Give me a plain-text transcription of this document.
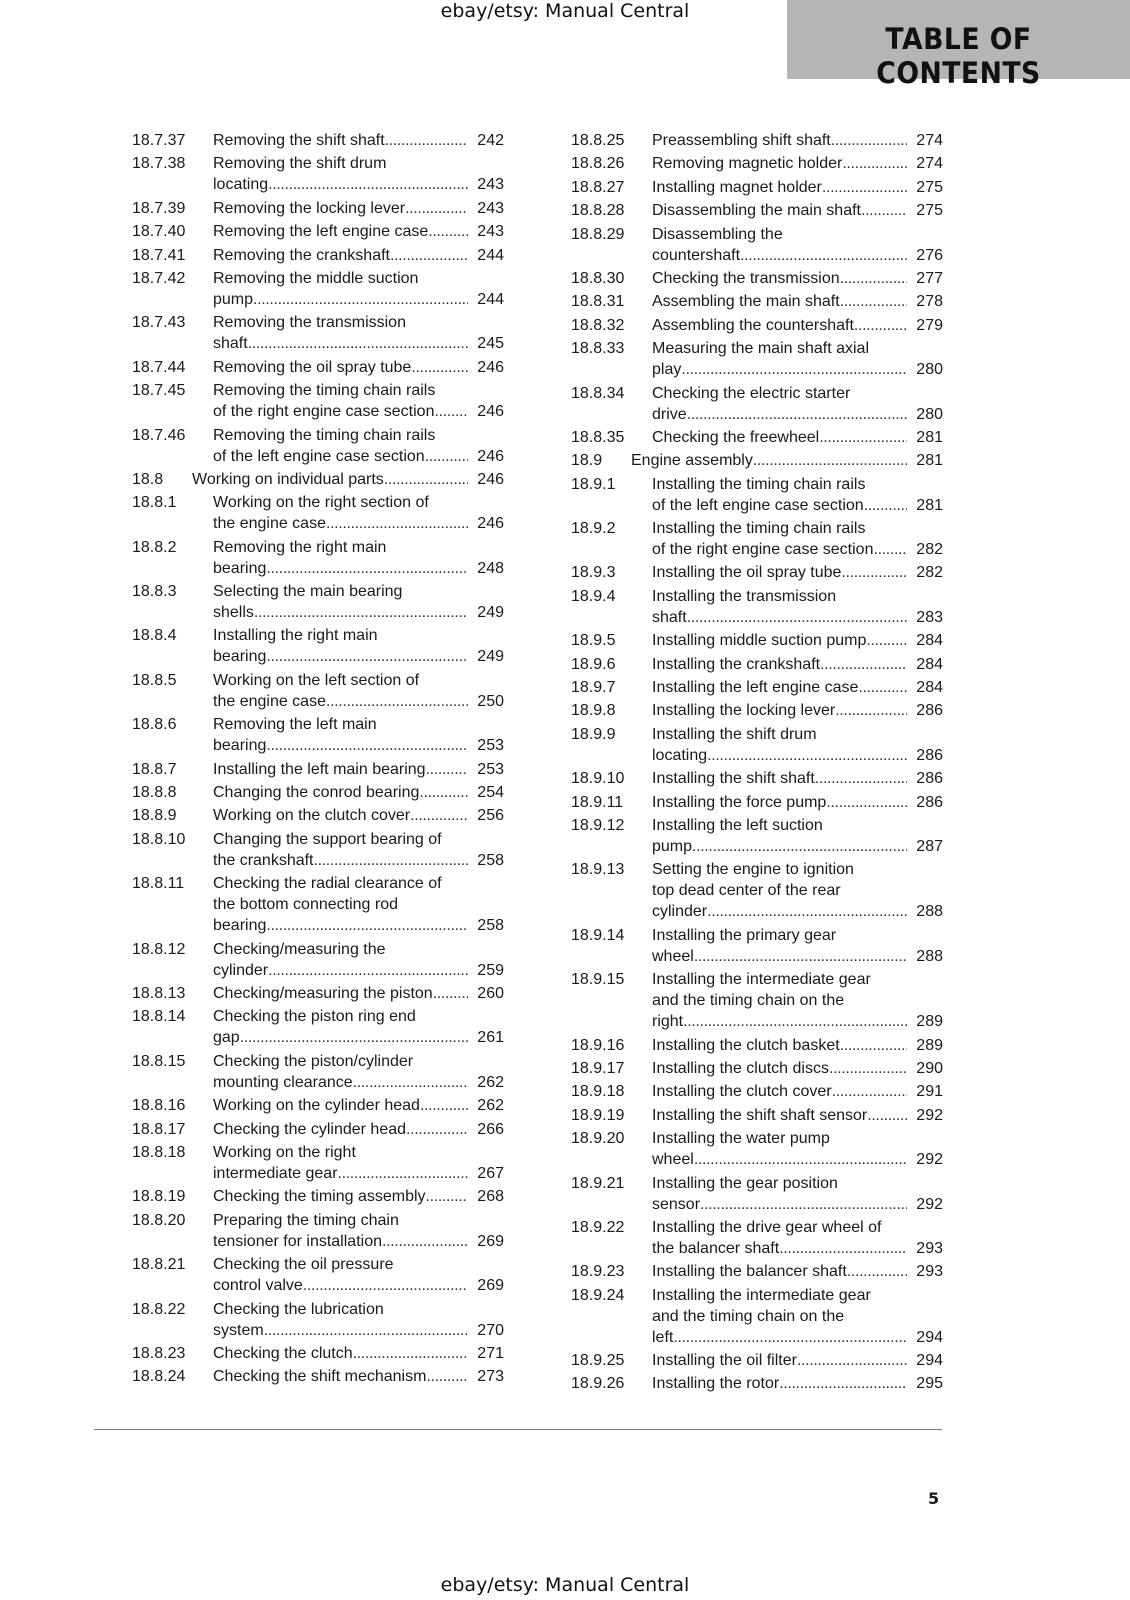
ebay/etsy: Manual Central
TABLE OF CONTENTS
18.7.37 Removing the shift shaft . . .	242
18.7.38 Removing the shift drum
locating . . .	243
18.7.39 Removing the locking lever . . .	243
18.7.40 Removing the left engine case . . .	243
18.7.41 Removing the crankshaft . . .	244
18.7.42 Removing the middle suction
pump . . .	244
18.7.43 Removing the transmission
shaft . . .	245
18.7.44 Removing the oil spray tube . . .	246
18.7.45 Removing the timing chain rails
of the right engine case section . . .	246
18.7.46 Removing the timing chain rails
of the left engine case section . . .	246
18.8 Working on individual parts . . .	246
18.8.1 Working on the right section of
the engine case . . .	246
18.8.2 Removing the right main
bearing . . .	248
18.8.3 Selecting the main bearing
shells . . .	249
18.8.4 Installing the right main
bearing . . .	249
18.8.5 Working on the left section of
the engine case . . .	250
18.8.6 Removing the left main
bearing . . .	253
18.8.7 Installing the left main bearing . . .	253
18.8.8 Changing the conrod bearing . . .	254
18.8.9 Working on the clutch cover . . .	256
18.8.10 Changing the support bearing of
the crankshaft . . .	258
18.8.11 Checking the radial clearance of
the bottom connecting rod
bearing . . .	258
18.8.12 Checking/measuring the
cylinder . . .	259
18.8.13 Checking/measuring the piston . . .	260
18.8.14 Checking the piston ring end
gap . . .	261
18.8.15 Checking the piston/cylinder
mounting clearance . . .	262
18.8.16 Working on the cylinder head . . .	262
18.8.17 Checking the cylinder head . . .	266
18.8.18 Working on the right
intermediate gear . . .	267
18.8.19 Checking the timing assembly . . .	268
18.8.20 Preparing the timing chain
tensioner for installation . . .	269
18.8.21 Checking the oil pressure
control valve . . .	269
18.8.22 Checking the lubrication
system . . .	270
18.8.23 Checking the clutch . . .	271
18.8.24 Checking the shift mechanism . . .	273
18.8.25 Preassembling shift shaft . . .	274
18.8.26 Removing magnetic holder . . .	274
18.8.27 Installing magnet holder . . .	275
18.8.28 Disassembling the main shaft . . .	275
18.8.29 Disassembling the
countershaft . . .	276
18.8.30 Checking the transmission . . .	277
18.8.31 Assembling the main shaft . . .	278
18.8.32 Assembling the countershaft . . .	279
18.8.33 Measuring the main shaft axial
play . . .	280
18.8.34 Checking the electric starter
drive . . .	280
18.8.35 Checking the freewheel . . .	281
18.9 Engine assembly . . .	281
18.9.1 Installing the timing chain rails
of the left engine case section . . .	281
18.9.2 Installing the timing chain rails
of the right engine case section . . .	282
18.9.3 Installing the oil spray tube . . .	282
18.9.4 Installing the transmission
shaft . . .	283
18.9.5 Installing middle suction pump . . .	284
18.9.6 Installing the crankshaft . . .	284
18.9.7 Installing the left engine case . . .	284
18.9.8 Installing the locking lever . . .	286
18.9.9 Installing the shift drum
locating . . .	286
18.9.10 Installing the shift shaft . . .	286
18.9.11 Installing the force pump . . .	286
18.9.12 Installing the left suction
pump . . .	287
18.9.13 Setting the engine to ignition
top dead center of the rear
cylinder . . .	288
18.9.14 Installing the primary gear
wheel . . .	288
18.9.15 Installing the intermediate gear
and the timing chain on the
right . . .	289
18.9.16 Installing the clutch basket . . .	289
18.9.17 Installing the clutch discs . . .	290
18.9.18 Installing the clutch cover . . .	291
18.9.19 Installing the shift shaft sensor . . .	292
18.9.20 Installing the water pump
wheel . . .	292
18.9.21 Installing the gear position
sensor . . .	292
18.9.22 Installing the drive gear wheel of
the balancer shaft . . .	293
18.9.23 Installing the balancer shaft . . .	293
18.9.24 Installing the intermediate gear
and the timing chain on the
left . . .	294
18.9.25 Installing the oil filter . . .	294
18.9.26 Installing the rotor . . .	295
5
ebay/etsy: Manual Central
